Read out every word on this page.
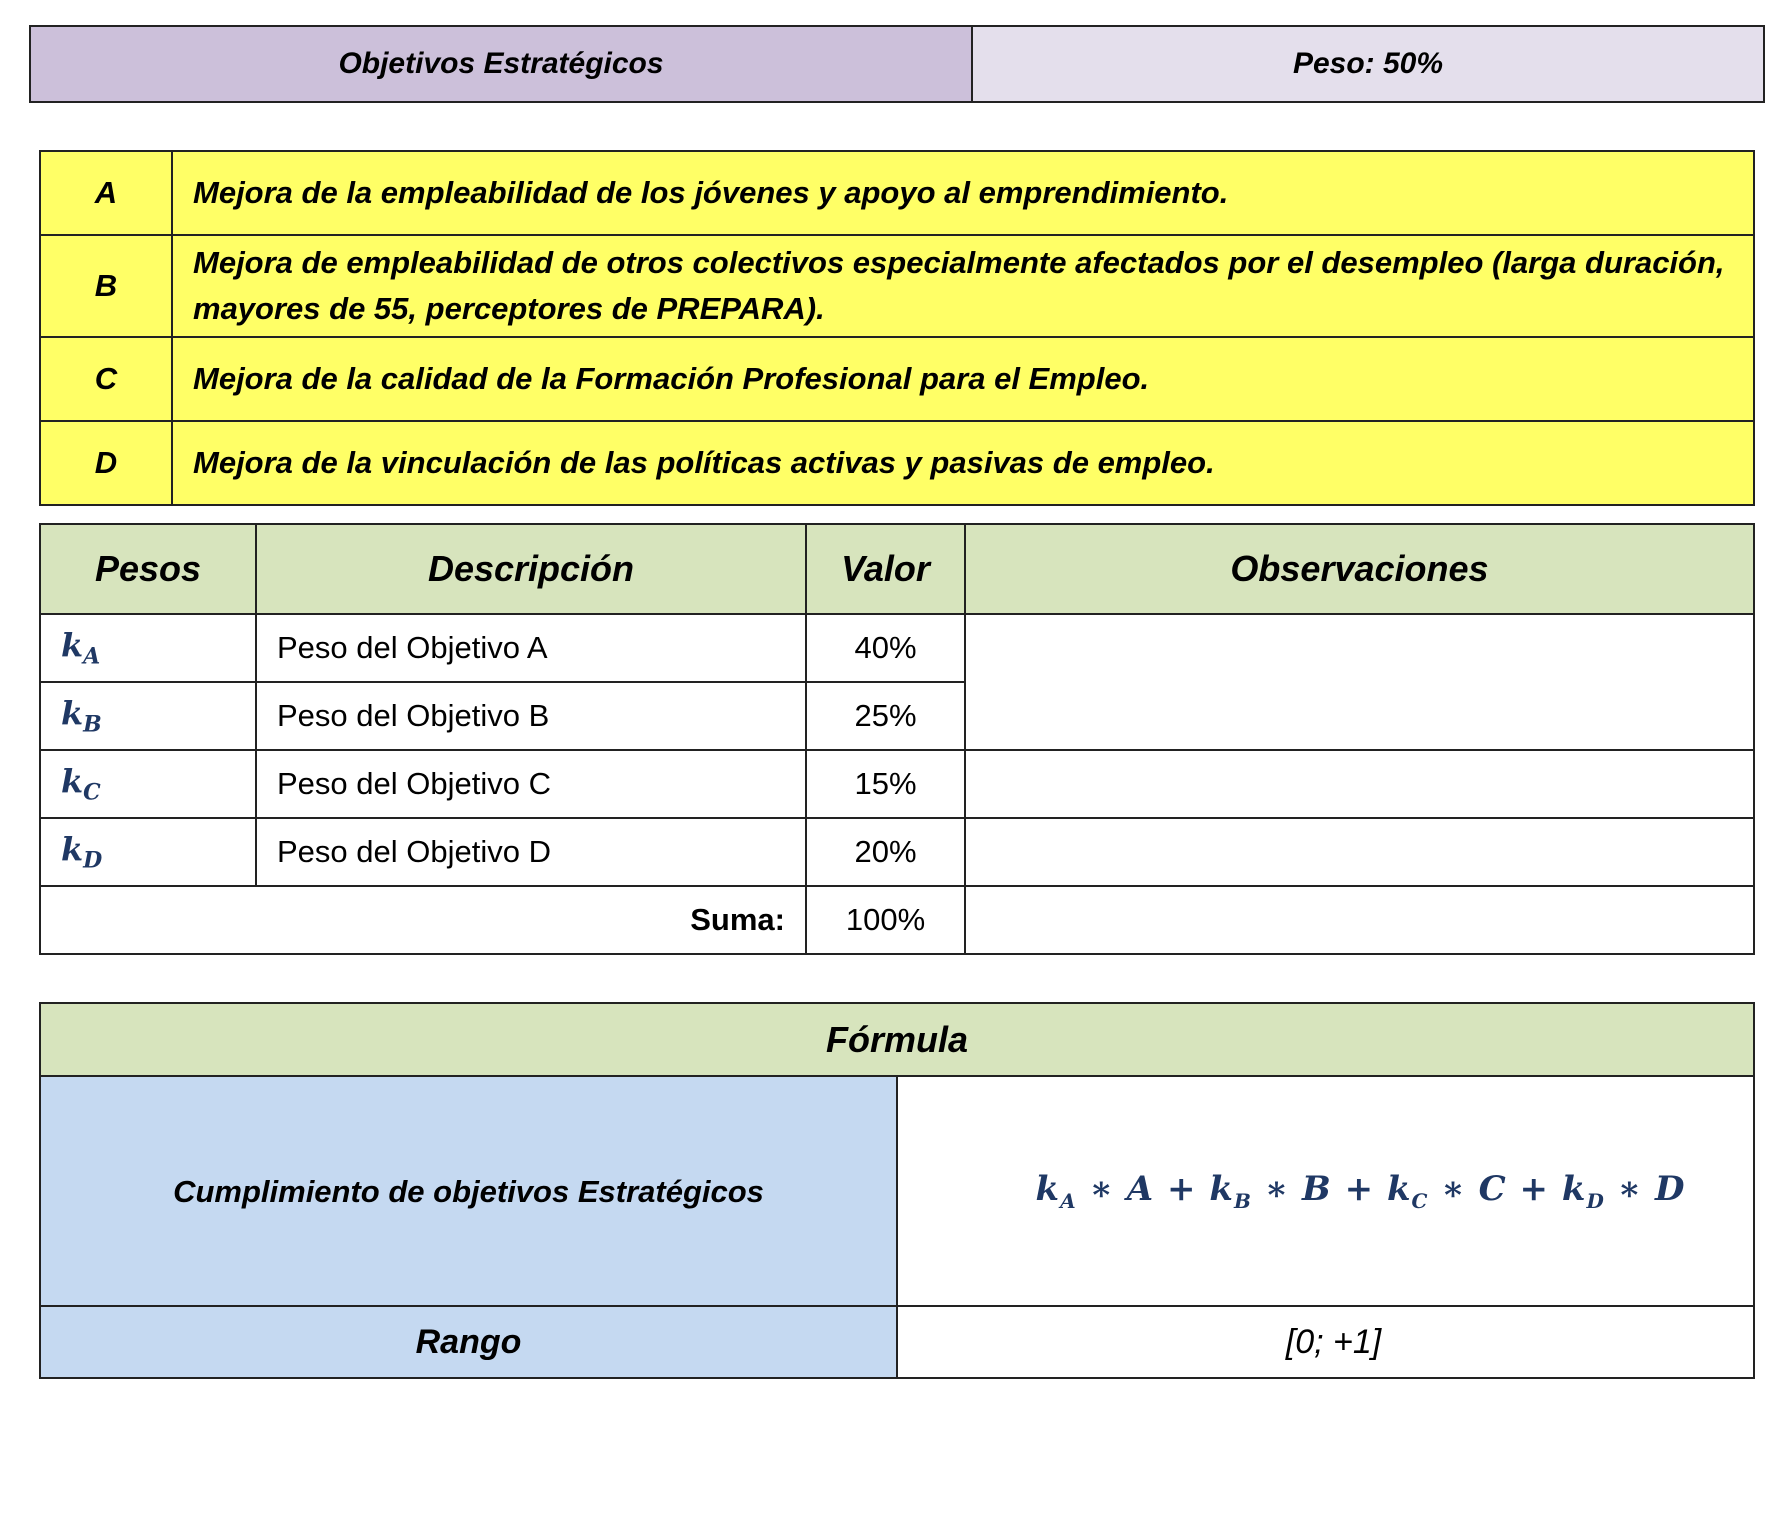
Objetivos Estratégicos	Peso: 50%
A	Mejora de la empleabilidad de los jóvenes y apoyo al emprendimiento.
B	Mejora de empleabilidad de otros colectivos especialmente afectados por el desempleo (larga duración, mayores de 55, perceptores de PREPARA).
C	Mejora de la calidad de la Formación Profesional para el Empleo.
D	Mejora de la vinculación de las políticas activas y pasivas de empleo.
Pesos	Descripción	Valor	Observaciones
$k_A$	Peso del Objetivo A	40%	
$k_B$	Peso del Objetivo B	25%	
$k_C$	Peso del Objetivo C	15%	
$k_D$	Peso del Objetivo D	20%	
Suma:		100%	
Fórmula	
Cumplimiento de objetivos Estratégicos	$k_A$ ∗ $A + k_B$ ∗ $B + k_C$ ∗ $C + k_D$ ∗ D
Rango	[0; +1]
